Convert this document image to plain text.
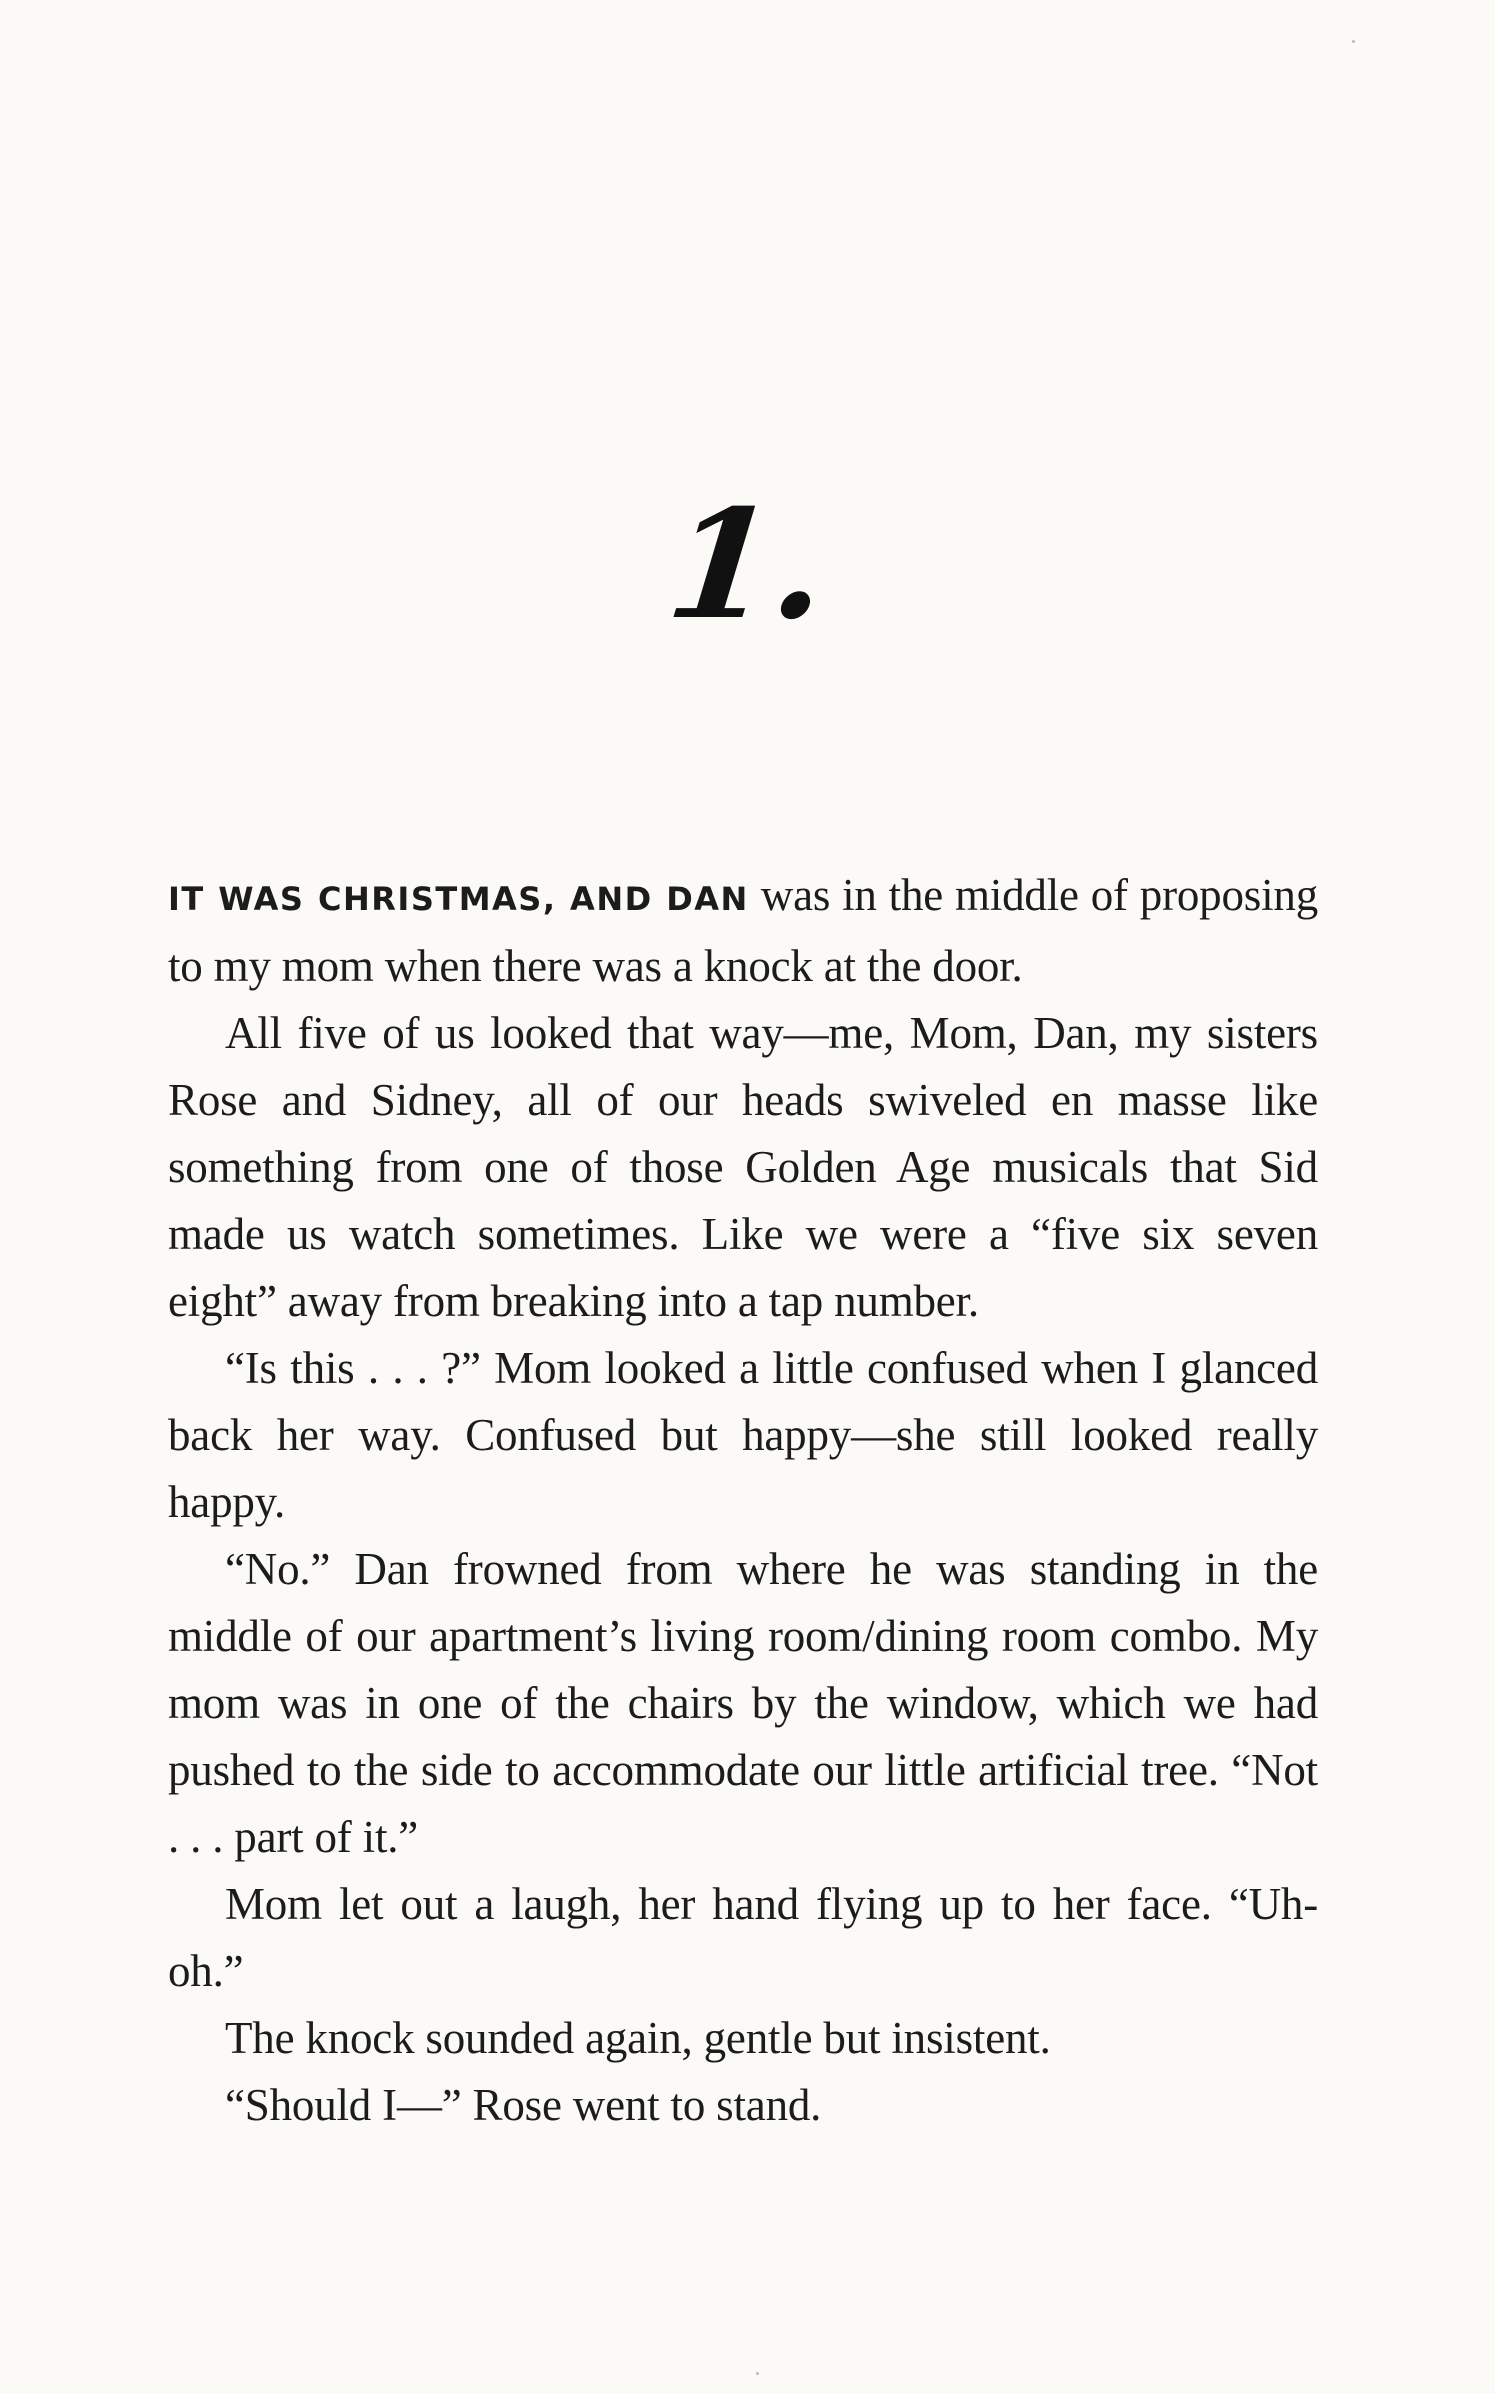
1.

IT WAS CHRISTMAS, AND DAN was in the middle of proposing to my mom when there was a knock at the door.

All five of us looked that way—me, Mom, Dan, my sisters Rose and Sidney, all of our heads swiveled en masse like something from one of those Golden Age musicals that Sid made us watch sometimes. Like we were a “five six seven eight” away from breaking into a tap number.

“Is this . . . ?” Mom looked a little confused when I glanced back her way. Confused but happy—she still looked really happy.

“No.” Dan frowned from where he was standing in the middle of our apartment’s living room/dining room combo. My mom was in one of the chairs by the window, which we had pushed to the side to accommodate our little artificial tree. “Not . . . part of it.”

Mom let out a laugh, her hand flying up to her face. “Uh-oh.”

The knock sounded again, gentle but insistent.

“Should I—” Rose went to stand.
